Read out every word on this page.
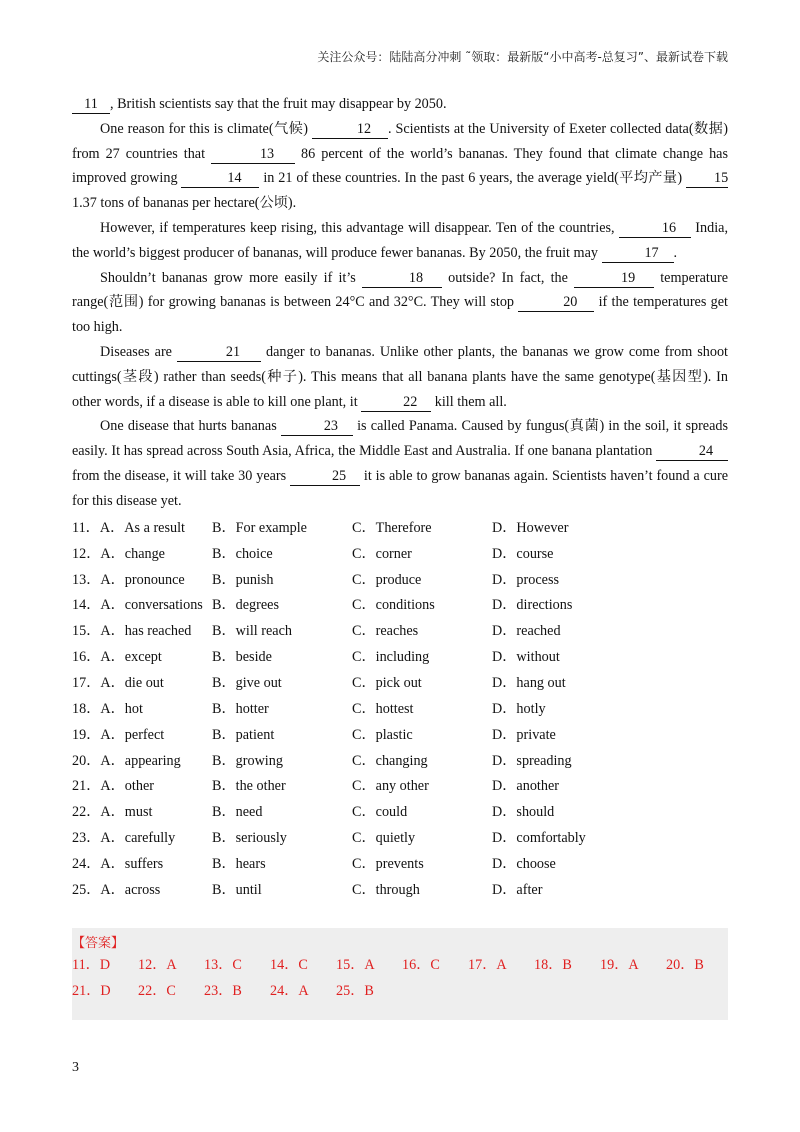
关注公众号：陆陆高分冲刺 ˜领取：最新版“小中高考-总复习”、最新试卷下载

11 , British scientists say that the fruit may disappear by 2050.

One reason for this is climate(气候)	12 . Scientists at the University of Exeter collected data(数据) from 27 countries that	13 86 percent of the world’s bananas. They found that climate change has improved growing	14 in 21 of these countries. In the past 6 years, the average yield(平均产量) 15 1.37 tons of bananas per hectare(公顷).

However, if temperatures keep rising, this advantage will disappear. Ten of the countries,	16 India, the world’s biggest producer of bananas, will produce fewer bananas. By 2050, the fruit may	17 .

Shouldn’t bananas grow more easily if it’s	18 outside? In fact, the	19 temperature range(范围) for growing bananas is between 24°C and 32°C. They will stop	20 if the temperatures get too high.

Diseases are	21 danger to bananas. Unlike other plants, the bananas we grow come from shoot cuttings(茎段) rather than seeds(种子). This means that all banana plants have the same genotype(基因型). In other words, if a disease is able to kill one plant, it	22 kill them all.

One disease that hurts bananas	23 is called Panama. Caused by fungus(真菌) in the soil, it spreads easily. It has spread across South Asia, Africa, the Middle East and Australia. If one banana plantation	24 from the disease, it will take 30 years	25 it is able to grow bananas again. Scientists haven’t found a cure for this disease yet.

11．A．As a result	B．For example	C．Therefore	D．However
12．A．change	B．choice	C．corner	D．course
13．A．pronounce	B．punish	C．produce	D．process
14．A．conversations B．degrees	C．conditions	D．directions
15．A．has reached	B．will reach	C．reaches	D．reached
16．A．except	B．beside	C．including	D．without
17．A．die out	B．give out	C．pick out	D．hang out
18．A．hot	B．hotter	C．hottest	D．hotly
19．A．perfect	B．patient	C．plastic	D．private
20．A．appearing	B．growing	C．changing	D．spreading
21．A．other	B．the other	C．any other	D．another
22．A．must	B．need	C．could	D．should
23．A．carefully	B．seriously	C．quietly	D．comfortably
24．A．suffers	B．hears	C．prevents	D．choose
25．A．across	B．until	C．through	D．after
【答案】
11．D 12．A 13．C 14．C 15．A 16．C 17．A 18．B 19．A 20．B
21．D 22．C 23．B 24．A 25．B
3
